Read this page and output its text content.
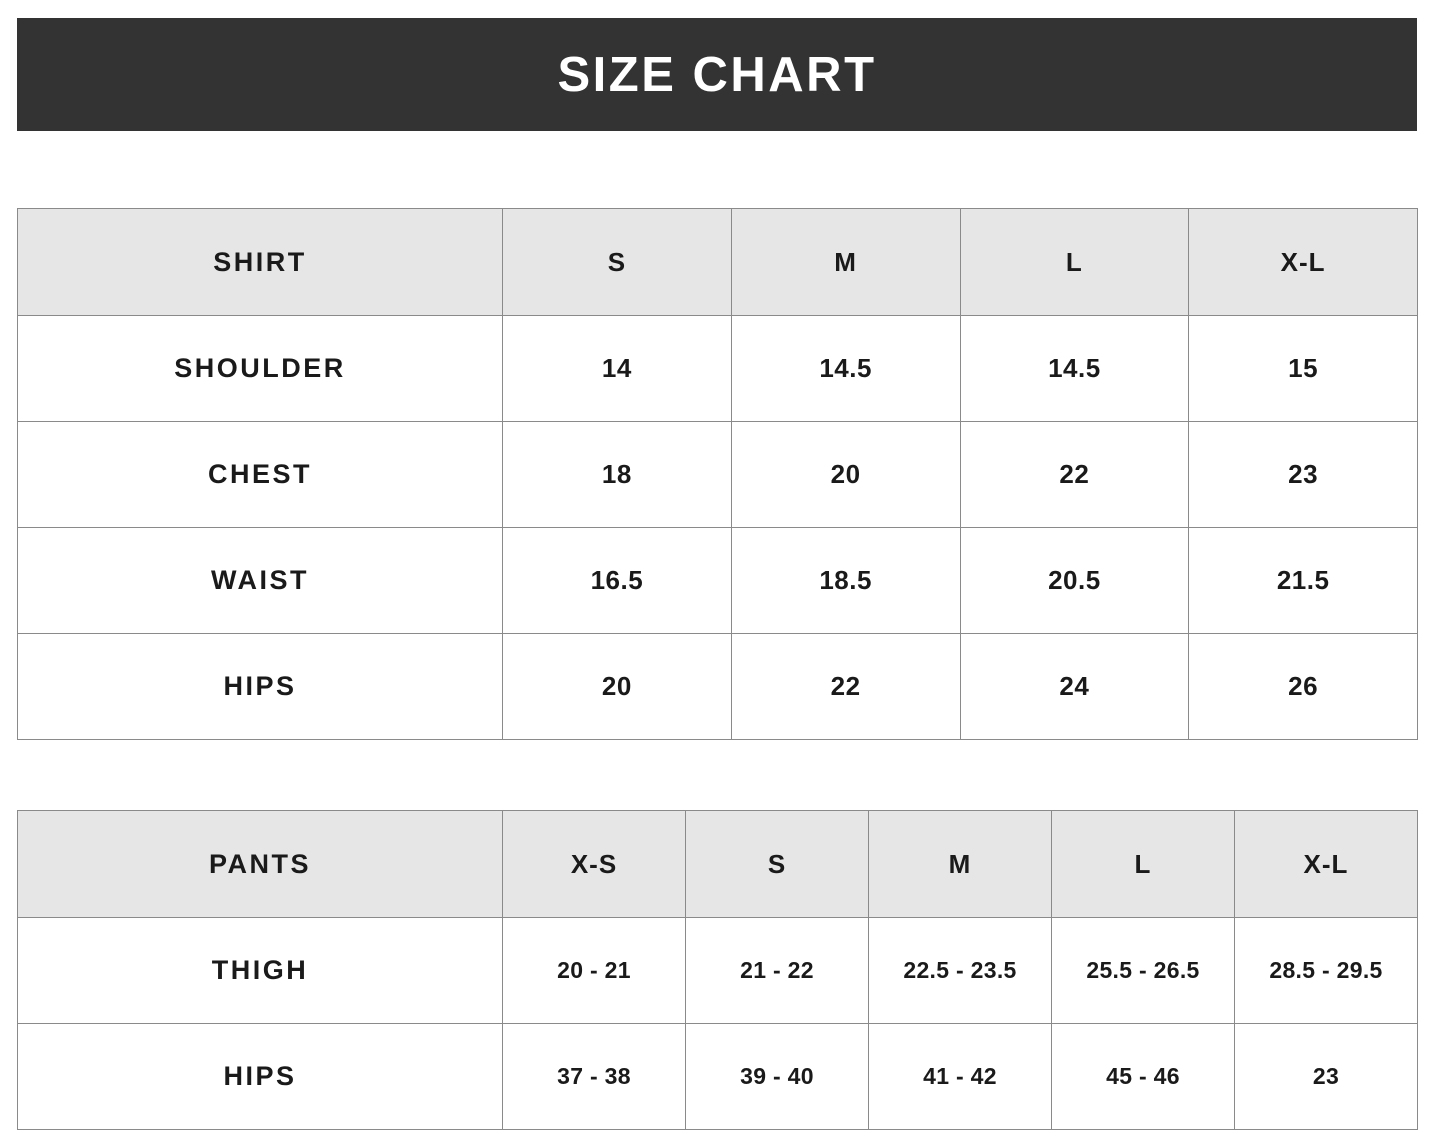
SIZE CHART
SHIRT	S	M	L	X-L
SHOULDER	14	14.5	14.5	15
CHEST	18	20	22	23
WAIST	16.5	18.5	20.5	21.5
HIPS	20	22	24	26
PANTS	X-S	S	M	L	X-L
THIGH	20 - 21	21 - 22	22.5 - 23.5	25.5 - 26.5	28.5 - 29.5
HIPS	37 - 38	39 - 40	41 - 42	45 - 46	23
